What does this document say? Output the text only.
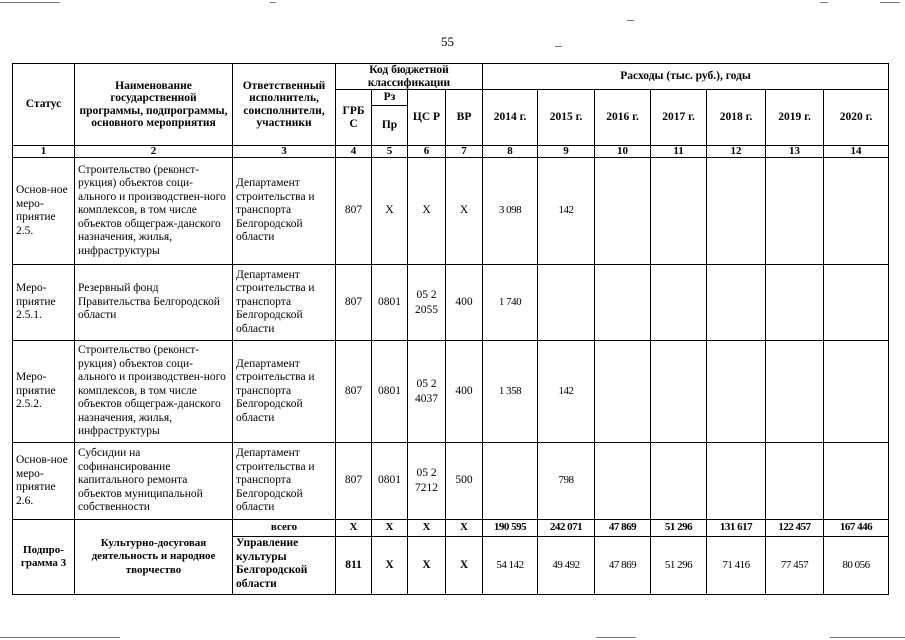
55
Статус	Наименование государственной программы, подпрограммы, основного мероприятия	Ответственный исполнитель, соисполнители, участники	Код бюджетной классификации				Расходы (тыс. руб.), годы						
			ГРБ С	Рз	ЦС Р	ВР	2014 г.	2015 г.	2016 г.	2017 г.	2018 г.	2019 г.	2020 г.
				Пр									
1	2	3	4	5	6	7	8	9	10	11	12	13	14
Основ-ное меро-приятие 2.5.	Строительство (реконст-рукция) объектов соци-ального и производствен-ного комплексов, в том числе объектов общеграж-данского назначения, жилья, инфраструктуры	Департамент строительства и транспорта Белгородской области	807	Х	Х	Х	3 098	142					
Меро-приятие 2.5.1.	Резервный фонд Правительства Белгородской области	Департамент строительства и транспорта Белгородской области	807	0801	05 2 2055	400	1 740						
Меро-приятие 2.5.2.	Строительство (реконст-рукция) объектов соци-ального и производствен-ного комплексов, в том числе объектов общеграж-данского назначения, жилья, инфраструктуры	Департамент строительства и транспорта Белгородской области	807	0801	05 2 4037	400	1 358	142					
Основ-ное меро-приятие 2.6.	Субсидии на софинансирование капитального ремонта объектов муниципальной собственности	Департамент строительства и транспорта Белгородской области	807	0801	05 2 7212	500		798					
Подпро-грамма 3	Культурно-досуговая деятельность и народное творчество	всего	Х	Х	Х	Х	190 595	242 071	47 869	51 296	131 617	122 457	167 446
		Управление культуры Белгородской области	811	Х	Х	Х	54 142	49 492	47 869	51 296	71 416	77 457	80 056
